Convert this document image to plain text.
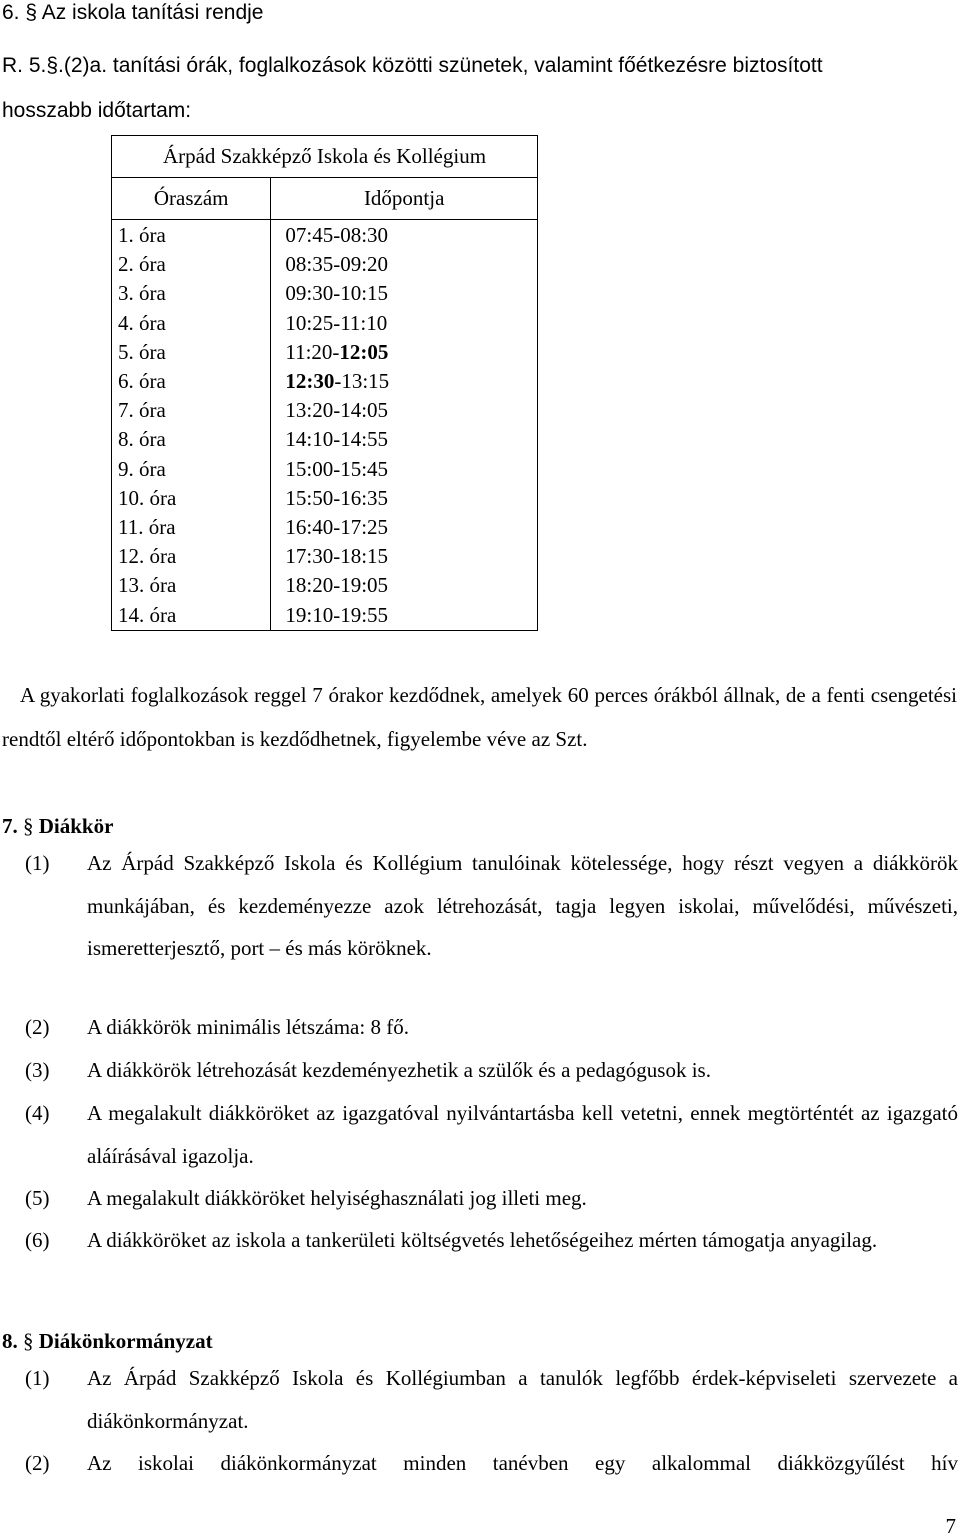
6. § Az iskola tanítási rendje
R. 5.§.(2)a. tanítási órák, foglalkozások közötti szünetek, valamint főétkezésre biztosított
hosszabb időtartam:
Árpád Szakképző Iskola és Kollégium	
Óraszám	Időpontja
1. óra	07:45-08:30
2. óra	08:35-09:20
3. óra	09:30-10:15
4. óra	10:25-11:10
5. óra	11:20-12:05
6. óra	12:30-13:15
7. óra	13:20-14:05
8. óra	14:10-14:55
9. óra	15:00-15:45
10. óra	15:50-16:35
11. óra	16:40-17:25
12. óra	17:30-18:15
13. óra	18:20-19:05
14. óra	19:10-19:55
A gyakorlati foglalkozások reggel 7 órakor kezdődnek, amelyek 60 perces órákból állnak, de a fenti csengetési rendtől eltérő időpontokban is kezdődhetnek, figyelembe véve az Szt.
7. § Diákkör
(1) Az Árpád Szakképző Iskola és Kollégium tanulóinak kötelessége, hogy részt vegyen a diákkörök munkájában, és kezdeményezze azok létrehozását, tagja legyen iskolai, művelődési, művészeti, ismeretterjesztő, port – és más köröknek.
(2) A diákkörök minimális létszáma: 8 fő.
(3) A diákkörök létrehozását kezdeményezhetik a szülők és a pedagógusok is.
(4) A megalakult diákköröket az igazgatóval nyilvántartásba kell vetetni, ennek megtörténtét az igazgató aláírásával igazolja.
(5) A megalakult diákköröket helyiséghasználati jog illeti meg.
(6) A diákköröket az iskola a tankerületi költségvetés lehetőségeihez mérten támogatja anyagilag.
8. § Diákönkormányzat
(1) Az Árpád Szakképző Iskola és Kollégiumban a tanulók legfőbb érdek-képviseleti szervezete a diákönkormányzat.
(2) Az iskolai diákönkormányzat minden tanévben egy alkalommal diákközgyűlést hív
7
